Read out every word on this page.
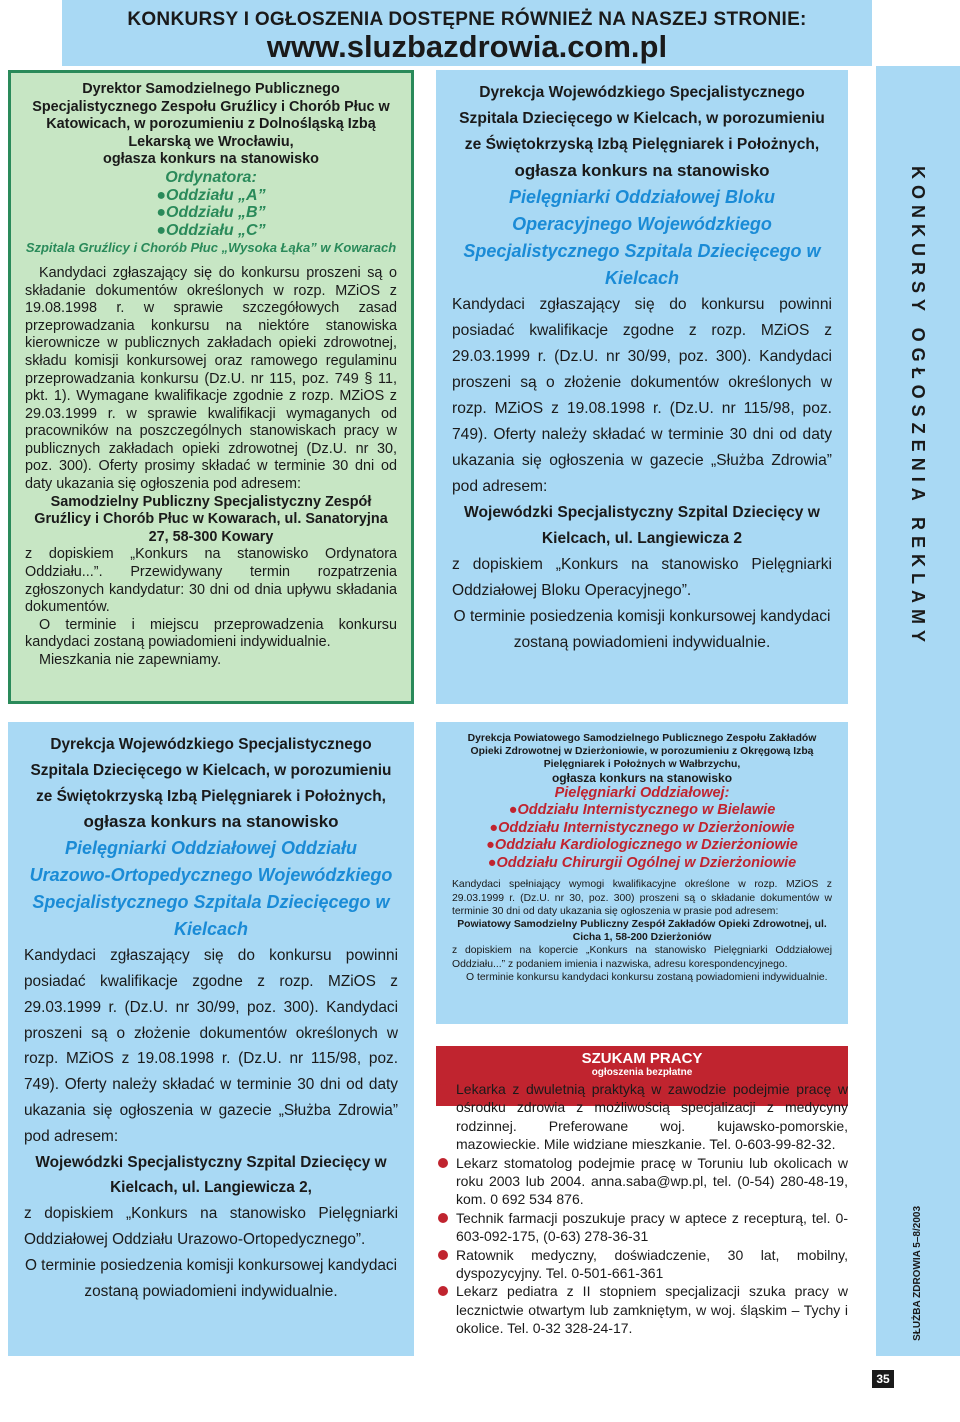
KONKURSY I OGŁOSZENIA DOSTĘPNE RÓWNIEŻ NA NASZEJ STRONIE:
www.sluzbazdrowia.com.pl

Dyrektor Samodzielnego Publicznego Specjalistycznego Zespołu Gruźlicy i Chorób Płuc w Katowicach, w porozumieniu z Dolnośląską Izbą Lekarską we Wrocławiu,

ogłasza konkurs na stanowisko

Ordynatora:

● Oddziału „A”

● Oddziału „B”

● Oddziału „C”

Szpitala Gruźlicy i Chorób Płuc „Wysoka Łąka” w Kowarach

Kandydaci zgłaszający się do konkursu proszeni są o składanie dokumentów określonych w rozp. MZiOS z 19.08.1998 r. w sprawie szczegółowych zasad przeprowadzania konkursu na niektóre stanowiska kierownicze w publicznych zakładach opieki zdrowotnej, składu komisji konkursowej oraz ramowego regulaminu przeprowadzania konkursu (Dz.U. nr 115, poz. 749 § 11, pkt. 1). Wymagane kwalifikacje zgodnie z rozp. MZiOS z 29.03.1999 r. w sprawie kwalifikacji wymaganych od pracowników na poszczególnych stanowiskach pracy w publicznych zakładach opieki zdrowotnej (Dz.U. nr 30, poz. 300). Oferty prosimy składać w terminie 30 dni od daty ukazania się ogłoszenia pod adresem:

Samodzielny Publiczny Specjalistyczny Zespół Gruźlicy i Chorób Płuc w Kowarach, ul. Sanatoryjna 27, 58-300 Kowary

z dopiskiem „Konkurs na stanowisko Ordynatora Oddziału...”. Przewidywany termin rozpatrzenia zgłoszonych kandydatur: 30 dni od dnia upływu składania dokumentów.

O terminie i miejscu przeprowadzenia konkursu kandydaci zostaną powiadomieni indywidualnie.

Mieszkania nie zapewniamy.

Dyrekcja Wojewódzkiego Specjalistycznego Szpitala Dziecięcego w Kielcach, w porozumieniu ze Świętokrzyską Izbą Pielęgniarek i Położnych,

ogłasza konkurs na stanowisko

Pielęgniarki Oddziałowej Bloku Operacyjnego Wojewódzkiego Specjalistycznego Szpitala Dziecięcego w Kielcach

Kandydaci zgłaszający się do konkursu powinni posiadać kwalifikacje zgodne z rozp. MZiOS z 29.03.1999 r. (Dz.U. nr 30/99, poz. 300). Kandydaci proszeni są o złożenie dokumentów określonych w rozp. MZiOS z 19.08.1998 r. (Dz.U. nr 115/98, poz. 749). Oferty należy składać w terminie 30 dni od daty ukazania się ogłoszenia w gazecie „Służba Zdrowia” pod adresem:

Wojewódzki Specjalistyczny Szpital Dziecięcy w Kielcach, ul. Langiewicza 2

z dopiskiem „Konkurs na stanowisko Pielęgniarki Oddziałowej Bloku Operacyjnego”.

O terminie posiedzenia komisji konkursowej kandydaci zostaną powiadomieni indywidualnie.

Dyrekcja Wojewódzkiego Specjalistycznego Szpitala Dziecięcego w Kielcach, w porozumieniu ze Świętokrzyską Izbą Pielęgniarek i Położnych,

ogłasza konkurs na stanowisko

Pielęgniarki Oddziałowej Oddziału Urazowo-Ortopedycznego Wojewódzkiego Specjalistycznego Szpitala Dziecięcego w Kielcach

Kandydaci zgłaszający się do konkursu powinni posiadać kwalifikacje zgodne z rozp. MZiOS z 29.03.1999 r. (Dz.U. nr 30/99, poz. 300). Kandydaci proszeni są o złożenie dokumentów określonych w rozp. MZiOS z 19.08.1998 r. (Dz.U. nr 115/98, poz. 749). Oferty należy składać w terminie 30 dni od daty ukazania się ogłoszenia w gazecie „Służba Zdrowia” pod adresem:

Wojewódzki Specjalistyczny Szpital Dziecięcy w Kielcach, ul. Langiewicza 2,

z dopiskiem „Konkurs na stanowisko Pielęgniarki Oddziałowej Oddziału Urazowo-Ortopedycznego”.

O terminie posiedzenia komisji konkursowej kandydaci zostaną powiadomieni indywidualnie.

Dyrekcja Powiatowego Samodzielnego Publicznego Zespołu Zakładów Opieki Zdrowotnej w Dzierżoniowie, w porozumieniu z Okręgową Izbą Pielęgniarek i Położnych w Wałbrzychu,

ogłasza konkurs na stanowisko

Pielęgniarki Oddziałowej:

● Oddziału Internistycznego w Bielawie

● Oddziału Internistycznego w Dzierżoniowie

● Oddziału Kardiologicznego w Dzierżoniowie

● Oddziału Chirurgii Ogólnej w Dzierżoniowie

Kandydaci spełniający wymogi kwalifikacyjne określone w rozp. MZiOS z 29.03.1999 r. (Dz.U. nr 30, poz. 300) proszeni są o składanie dokumentów w terminie 30 dni od daty ukazania się ogłoszenia w prasie pod adresem:

Powiatowy Samodzielny Publiczny Zespół Zakładów Opieki Zdrowotnej, ul. Cicha 1, 58-200 Dzierżoniów

z dopiskiem na kopercie „Konkurs na stanowisko Pielęgniarki Oddziałowej Oddziału...” z podaniem imienia i nazwiska, adresu korespondencyjnego.

O terminie konkursu kandydaci konkursu zostaną powiadomieni indywidualnie.

SZUKAM PRACY
ogłoszenia bezpłatne
Lekarka z dwuletnią praktyką w zawodzie podejmie pracę w ośrodku zdrowia z możliwością specjalizacji z medycyny rodzinnej. Preferowane woj. kujawsko-pomorskie, mazowieckie. Mile widziane mieszkanie. Tel. 0-603-99-82-32.
Lekarz stomatolog podejmie pracę w Toruniu lub okolicach w roku 2003 lub 2004. anna.saba@wp.pl, tel. (0-54) 280-48-19, kom. 0 692 534 876.
Technik farmacji poszukuje pracy w aptece z recepturą, tel. 0-603-092-175, (0-63) 278-36-31
Ratownik medyczny, doświadczenie, 30 lat, mobilny, dyspozycyjny. Tel. 0-501-661-361
Lekarz pediatra z II stopniem specjalizacji szuka pracy w lecznictwie otwartym lub zamkniętym, w woj. śląskim – Tychy i okolice. Tel. 0-32 328-24-17.
KONKURSY OGŁOSZENIA REKLAMY
SŁUŻBA ZDROWIA 5–8/2003
35
